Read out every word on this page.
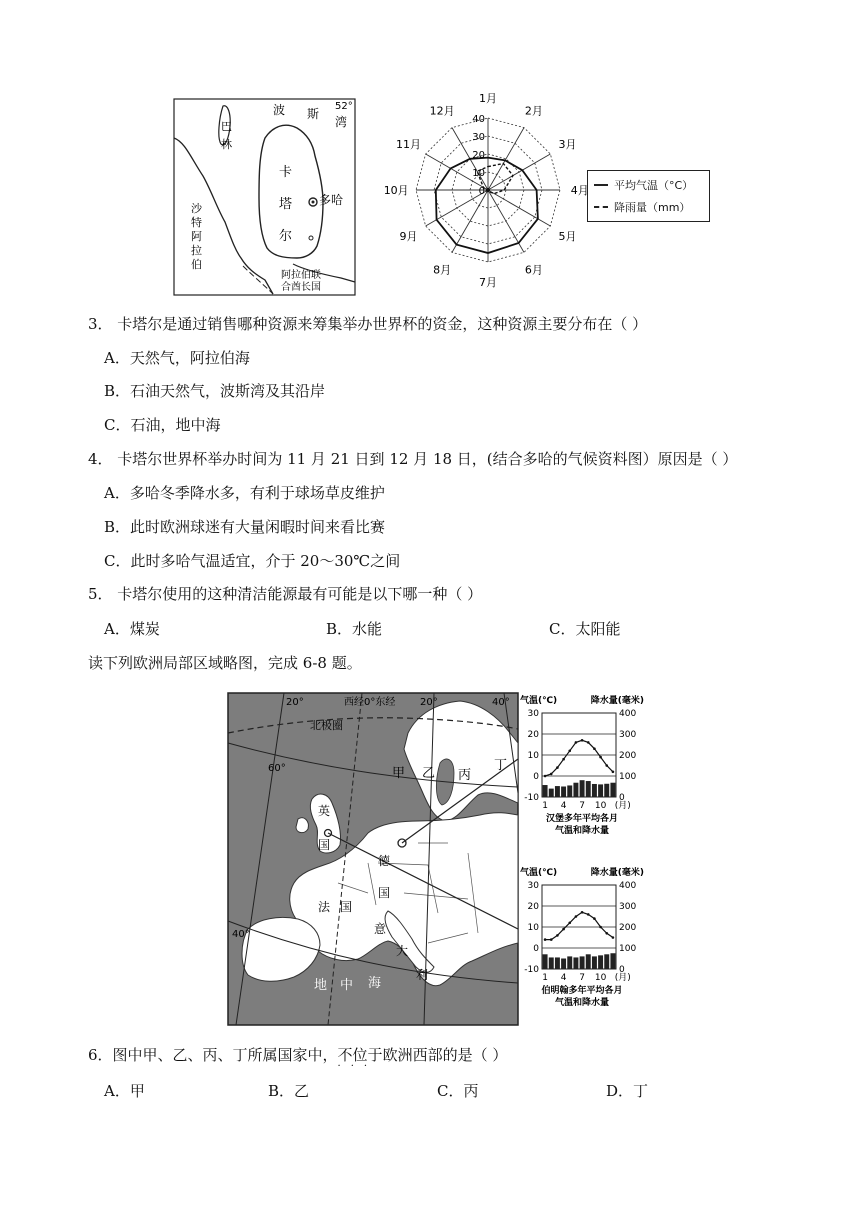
波 斯
湾
52°
巴
林
卡
塔
尔
多哈
沙
特
阿
拉
伯
阿拉伯联
合酋长国
1月
2月
3月
4月
5月
6月
7月
8月
9月
10月
11月
12月
40
30
20
10
0	平均气温（°C）
降雨量（mm）
3． 卡塔尔是通过销售哪种资源来筹集举办世界杯的资金，这种资源主要分布在（ ）
A．天然气，阿拉伯海
B．石油天然气，波斯湾及其沿岸
C．石油，地中海
4． 卡塔尔世界杯举办时间为 11 月 21 日到 12 月 18 日，(结合多哈的气候资料图）原因是（ ）
A．多哈冬季降水多，有利于球场草皮维护
B．此时欧洲球迷有大量闲暇时间来看比赛
C．此时多哈气温适宜，介于 20～30℃之间
5． 卡塔尔使用的这种清洁能源最有可能是以下哪一种（ ）
A．煤炭	B．水能	C．太阳能
读下列欧洲局部区域略图，完成 6-8 题。
西经0°东经
20°	20°	40°
北极圈
60°
40°
甲 乙 丙
丁
英
国
德
国
法 国
意
大
利
地 中 海
气温(℃)	降水量(毫米)
30
20
10
0
-10
400
300
200
100
0
1 4 7 10 (月)
汉堡多年平均各月
气温和降水量
气温(℃)	降水量(毫米)
30
20
10
0
-10
400
300
200
100
0
1 4 7 10 (月)
伯明翰多年平均各月
气温和降水量
6．图中甲、乙、丙、丁所属国家中，不位于
···
欧洲西部的是（ ）
A．甲	B．乙	C．丙	D．丁
